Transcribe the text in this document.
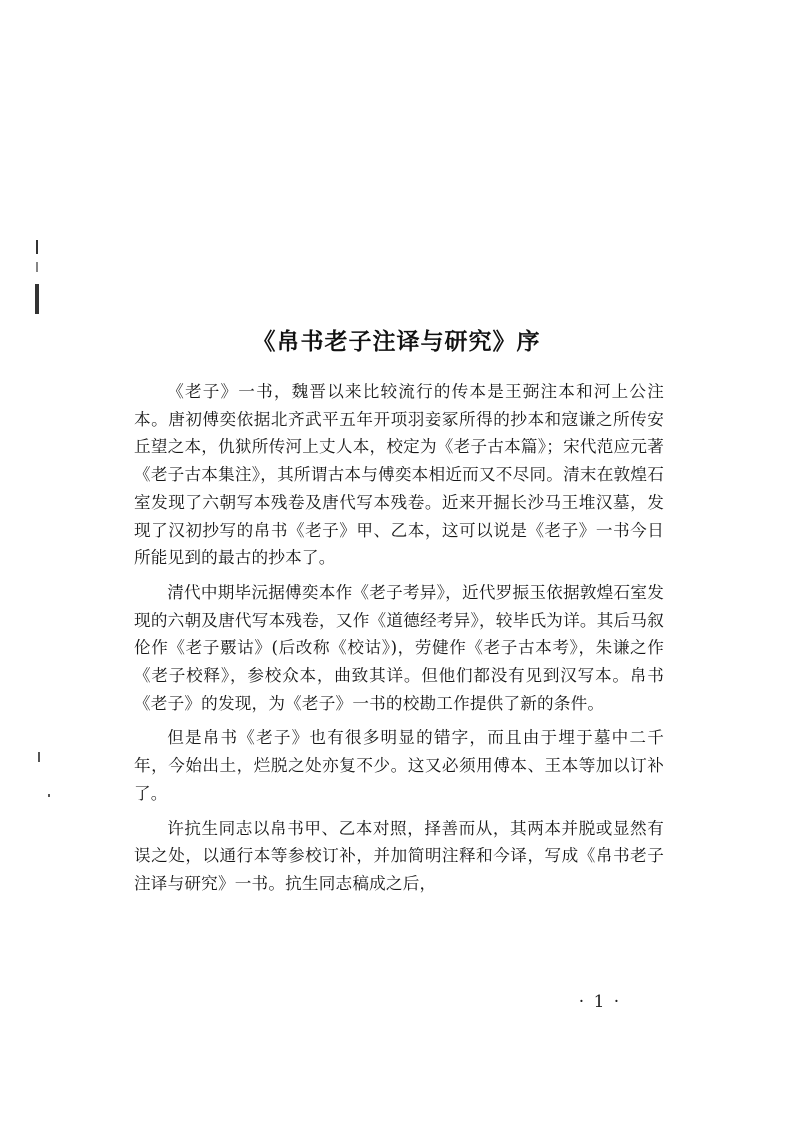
《帛书老子注译与研究》序

《老子》一书，魏晋以来比较流行的传本是王弼注本和河上公注本。唐初傅奕依据北齐武平五年开项羽妾冢所得的抄本和寇谦之所传安丘望之本，仇狱所传河上丈人本，校定为《老子古本篇》；宋代范应元著《老子古本集注》，其所谓古本与傅奕本相近而又不尽同。清末在敦煌石室发现了六朝写本残卷及唐代写本残卷。近来开掘长沙马王堆汉墓，发现了汉初抄写的帛书《老子》甲、乙本，这可以说是《老子》一书今日所能见到的最古的抄本了。

清代中期毕沅据傅奕本作《老子考异》，近代罗振玉依据敦煌石室发现的六朝及唐代写本残卷，又作《道德经考异》，较毕氏为详。其后马叙伦作《老子覈诂》(后改称《校诂》)，劳健作《老子古本考》，朱谦之作《老子校释》，参校众本，曲致其详。但他们都没有见到汉写本。帛书《老子》的发现，为《老子》一书的校勘工作提供了新的条件。

但是帛书《老子》也有很多明显的错字，而且由于埋于墓中二千年，今始出土，烂脱之处亦复不少。这又必须用傅本、王本等加以订补了。

许抗生同志以帛书甲、乙本对照，择善而从，其两本并脱或显然有误之处，以通行本等参校订补，并加简明注释和今译，写成《帛书老子注译与研究》一书。抗生同志稿成之后，

· 1 ·
